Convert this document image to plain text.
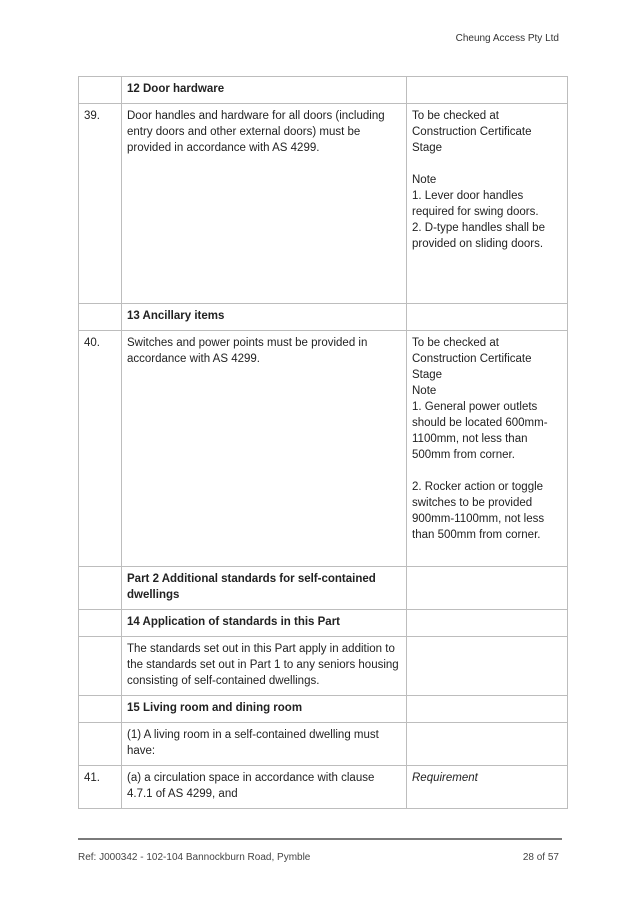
Cheung Access Pty Ltd
	12 Door hardware	
39.	Door handles and hardware for all doors (including entry doors and other external doors) must be provided in accordance with AS 4299.	To be checked at Construction Certificate Stage
Note
1. Lever door handles required for swing doors.
2. D-type handles shall be provided on sliding doors.

	13 Ancillary items	
40.	Switches and power points must be provided in accordance with AS 4299.	To be checked at Construction Certificate Stage
Note
1. General power outlets should be located 600mm-1100mm, not less than 500mm from corner.
2. Rocker action or toggle switches to be provided 900mm-1100mm, not less than 500mm from corner.

	Part 2 Additional standards for self-contained dwellings	
	14 Application of standards in this Part	
	The standards set out in this Part apply in addition to the standards set out in Part 1 to any seniors housing consisting of self-contained dwellings.	
	15 Living room and dining room	
	(1) A living room in a self-contained dwelling must have:	
41.	(a) a circulation space in accordance with clause 4.7.1 of AS 4299, and	Requirement
Ref: J000342 - 102-104 Bannockburn Road, Pymble	28 of 57
